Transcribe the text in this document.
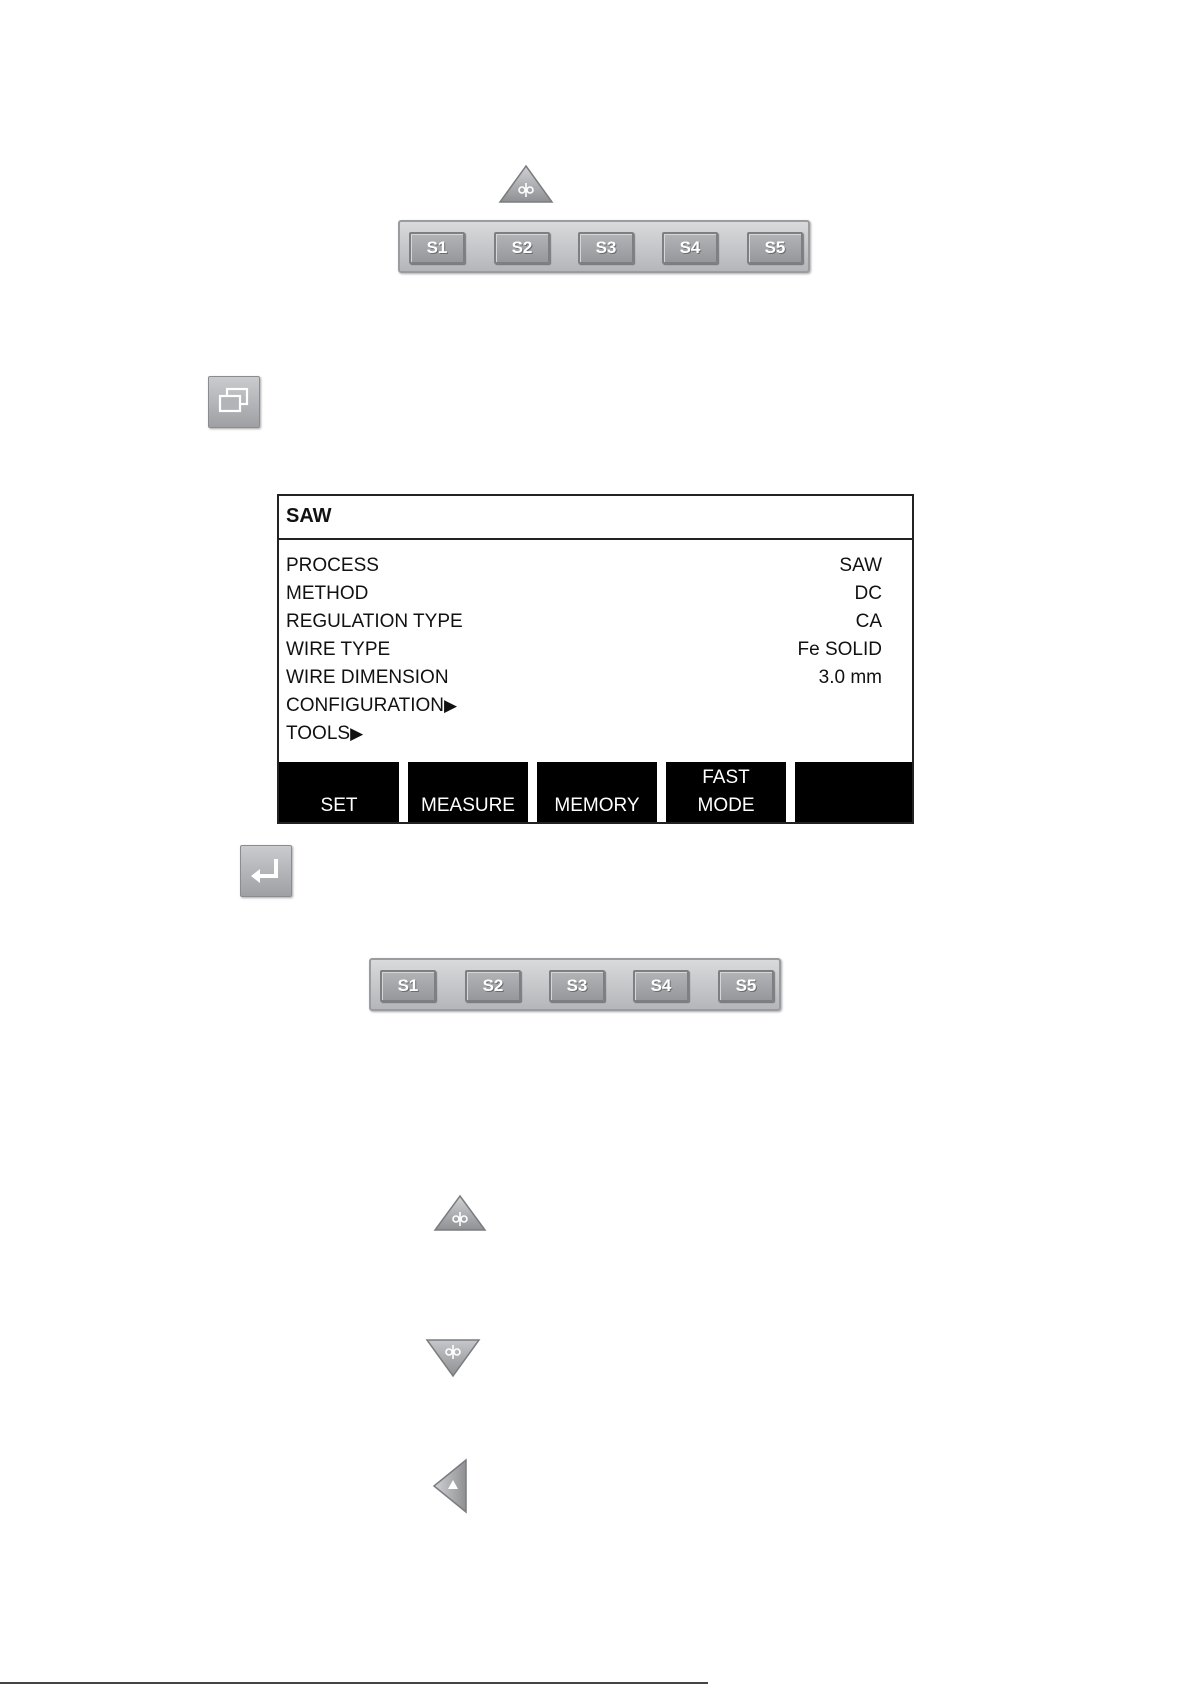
S1	S2	S3	S4	S5
SAW
PROCESS	SAW
METHOD	DC
REGULATION TYPE	CA
WIRE TYPE	Fe SOLID
WIRE DIMENSION	3.0 mm
CONFIGURATION▶
TOOLS▶
SET	MEASURE	MEMORY
FAST
MODE
S1	S2	S3	S4	S5
